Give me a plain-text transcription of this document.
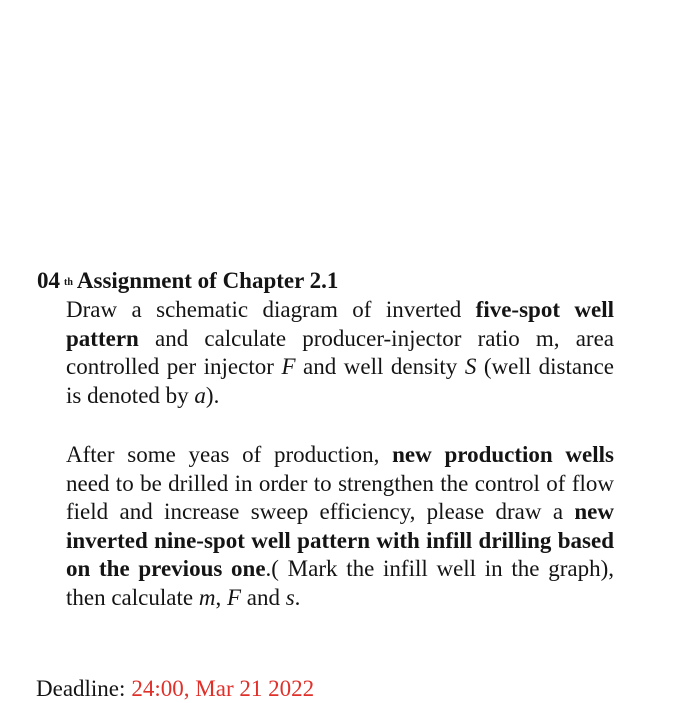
04 $^{th}$ Assignment of Chapter 2.1

Draw a schematic diagram of inverted five-spot well pattern and calculate producer-injector ratio m, area controlled per injector F and well density S (well distance is denoted by a).

After some yeas of production, new production wells need to be drilled in order to strengthen the control of flow field and increase sweep efficiency, please draw a new inverted nine-spot well pattern with infill drilling based on the previous one.( Mark the infill well in the graph), then calculate m, F and s.

Deadline: 24:00, Mar 21 2022
